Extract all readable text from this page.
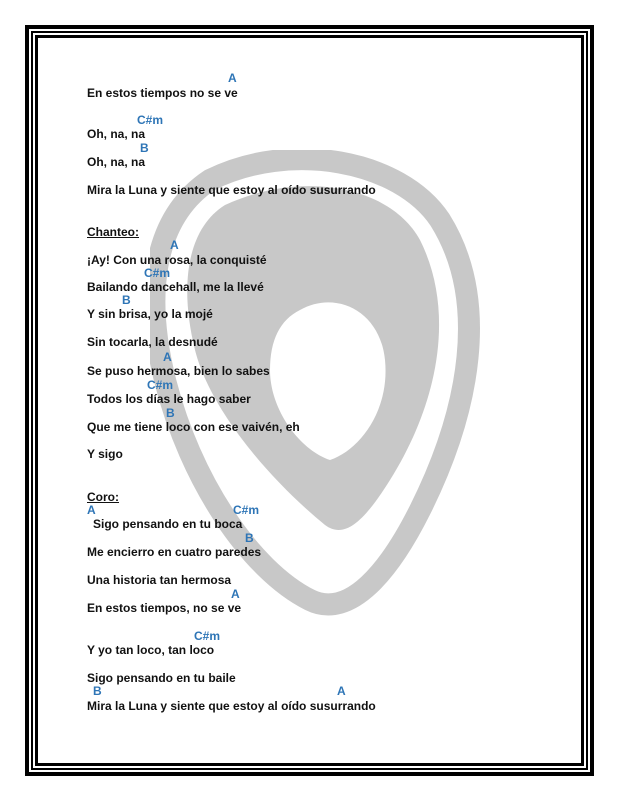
A
En estos tiempos no se ve
C#m
Oh, na, na
B
Oh, na, na
Mira la Luna y siente que estoy al oído susurrando
Chanteo:
A
¡Ay! Con una rosa, la conquisté
C#m
Bailando dancehall, me la llevé
B
Y sin brisa, yo la mojé
Sin tocarla, la desnudé
A
Se puso hermosa, bien lo sabes
C#m
Todos los días le hago saber
B
Que me tiene loco con ese vaivén, eh
Y sigo
Coro:
A	C#m
Sigo pensando en tu boca
B
Me encierro en cuatro paredes
Una historia tan hermosa
A
En estos tiempos, no se ve
C#m
Y yo tan loco, tan loco
Sigo pensando en tu baile
B	A
Mira la Luna y siente que estoy al oído susurrando
